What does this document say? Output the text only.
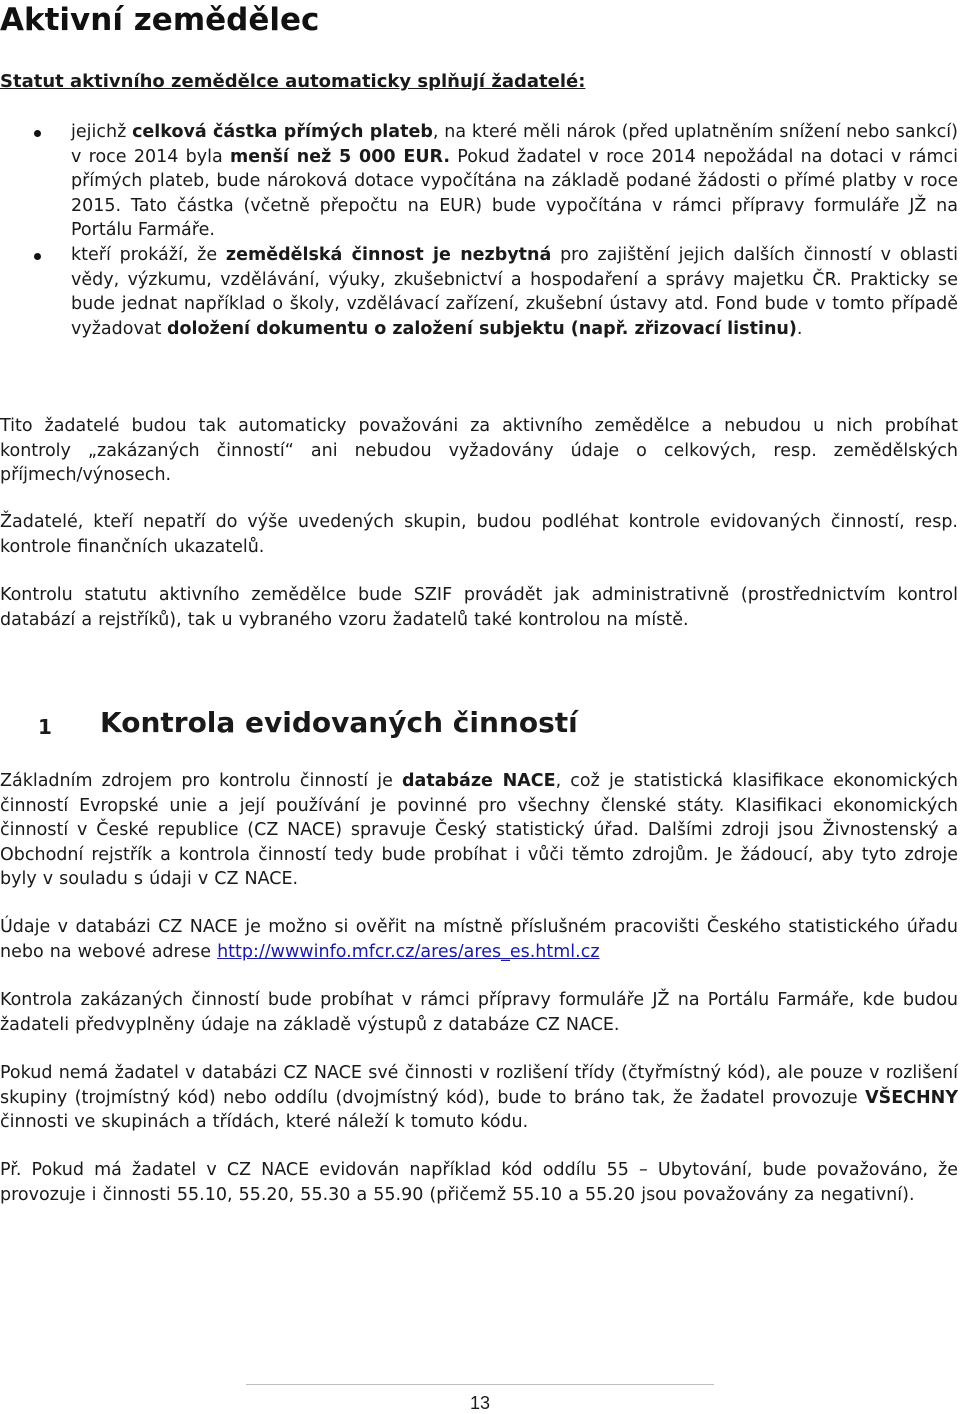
Aktivní zemědělec

Statut aktivního zemědělce automaticky splňují žadatelé:

jejichž celková částka přímých plateb, na které měli nárok (před uplatněním snížení nebo sankcí) v roce 2014 byla menší než 5 000 EUR. Pokud žadatel v roce 2014 nepožádal na dotaci v rámci přímých plateb, bude nároková dotace vypočítána na základě podané žádosti o přímé platby v roce 2015. Tato částka (včetně přepočtu na EUR) bude vypočítána v rámci přípravy formuláře JŽ na Portálu Farmáře.

kteří prokáží, že zemědělská činnost je nezbytná pro zajištění jejich dalších činností v oblasti vědy, výzkumu, vzdělávání, výuky, zkušebnictví a hospodaření a správy majetku ČR. Prakticky se bude jednat například o školy, vzdělávací zařízení, zkušební ústavy atd. Fond bude v tomto případě vyžadovat doložení dokumentu o založení subjektu (např. zřizovací listinu).

Tito žadatelé budou tak automaticky považováni za aktivního zemědělce a nebudou u nich probíhat kontroly „zakázaných činností“ ani nebudou vyžadovány údaje o celkových, resp. zemědělských příjmech/výnosech.

Žadatelé, kteří nepatří do výše uvedených skupin, budou podléhat kontrole evidovaných činností, resp. kontrole finančních ukazatelů.

Kontrolu statutu aktivního zemědělce bude SZIF provádět jak administrativně (prostřednictvím kontrol databází a rejstříků), tak u vybraného vzoru žadatelů také kontrolou na místě.

1 Kontrola evidovaných činností

Základním zdrojem pro kontrolu činností je databáze NACE, což je statistická klasifikace ekonomických činností Evropské unie a její používání je povinné pro všechny členské státy. Klasifikaci ekonomických činností v České republice (CZ NACE) spravuje Český statistický úřad. Dalšími zdroji jsou Živnostenský a Obchodní rejstřík a kontrola činností tedy bude probíhat i vůči těmto zdrojům. Je žádoucí, aby tyto zdroje byly v souladu s údaji v CZ NACE.

Údaje v databázi CZ NACE je možno si ověřit na místně příslušném pracovišti Českého statistického úřadu nebo na webové adrese http://wwwinfo.mfcr.cz/ares/ares_es.html.cz

Kontrola zakázaných činností bude probíhat v rámci přípravy formuláře JŽ na Portálu Farmáře, kde budou žadateli předvyplněny údaje na základě výstupů z databáze CZ NACE.

Pokud nemá žadatel v databázi CZ NACE své činnosti v rozlišení třídy (čtyřmístný kód), ale pouze v rozlišení skupiny (trojmístný kód) nebo oddílu (dvojmístný kód), bude to bráno tak, že žadatel provozuje VŠECHNY činnosti ve skupinách a třídách, které náleží k tomuto kódu.

Př. Pokud má žadatel v CZ NACE evidován například kód oddílu 55 – Ubytování, bude považováno, že provozuje i činnosti 55.10, 55.20, 55.30 a 55.90 (přičemž 55.10 a 55.20 jsou považovány za negativní).

13
